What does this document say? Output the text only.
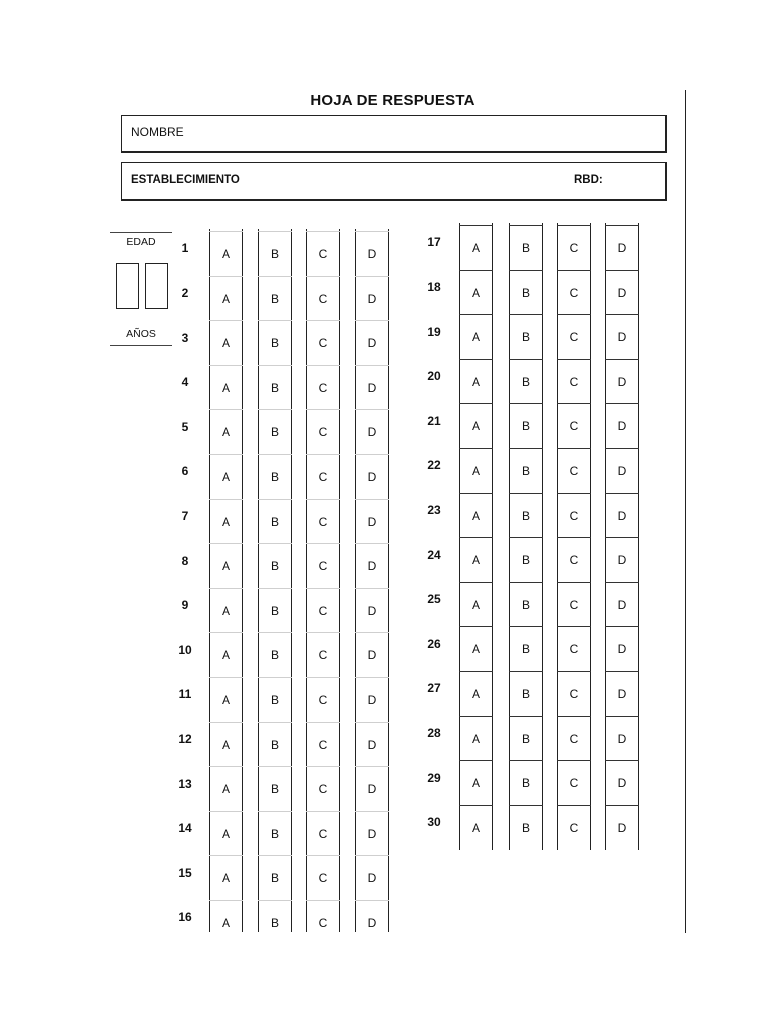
HOJA DE RESPUESTA
NOMBRE
ESTABLECIMIENTO	RBD:
EDAD
AÑOS
1	A	B	C	D
2	A	B	C	D
3	A	B	C	D
4	A	B	C	D
5	A	B	C	D
6	A	B	C	D
7	A	B	C	D
8	A	B	C	D
9	A	B	C	D
10	A	B	C	D
11	A	B	C	D
12	A	B	C	D
13	A	B	C	D
14	A	B	C	D
15	A	B	C	D
16	A	B	C	D
17	A	B	C	D
18	A	B	C	D
19	A	B	C	D
20	A	B	C	D
21	A	B	C	D
22	A	B	C	D
23	A	B	C	D
24	A	B	C	D
25	A	B	C	D
26	A	B	C	D
27	A	B	C	D
28	A	B	C	D
29	A	B	C	D
30	A	B	C	D
